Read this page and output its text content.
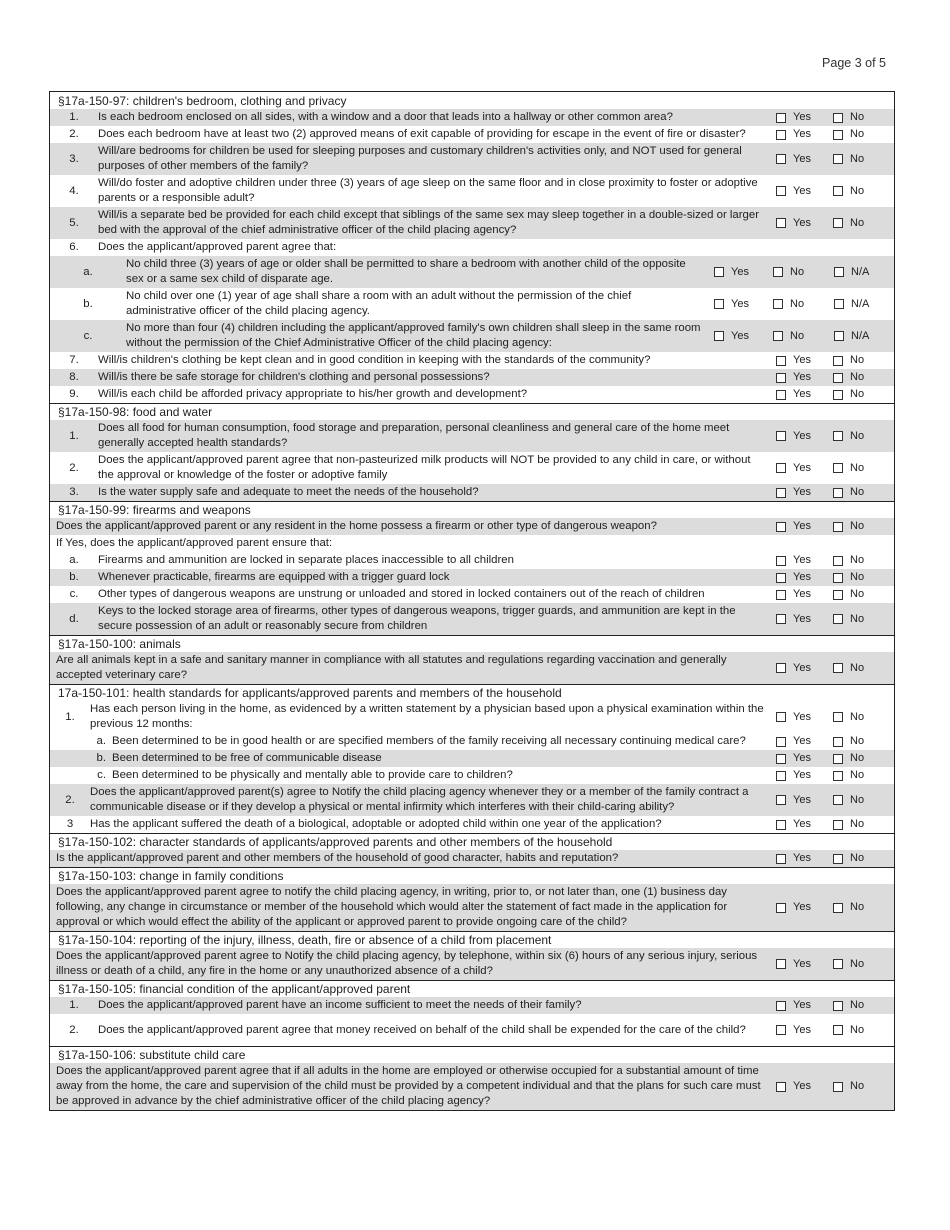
Page 3 of 5
§17a-150-97: children's bedroom, clothing and privacy
1.	Is each bedroom enclosed on all sides, with a window and a door that leads into a hallway or other common area?	Yes	No
2.	Does each bedroom have at least two (2) approved means of exit capable of providing for escape in the event of fire or disaster?	Yes	No
3.
Will/are bedrooms for children be used for sleeping purposes and customary children's activities only, and NOT used for general purposes of other members of the family?
Yes	No
4.
Will/do foster and adoptive children under three (3) years of age sleep on the same floor and in close proximity to foster or adoptive parents or a responsible adult?
Yes	No
5.
Will/is a separate bed be provided for each child except that siblings of the same sex may sleep together in a double-sized or larger bed with the approval of the chief administrative officer of the child placing agency?
Yes	No
6.	Does the applicant/approved parent agree that:
a.
No child three (3) years of age or older shall be permitted to share a bedroom with another child of the opposite sex or a same sex child of disparate age.
Yes	No	N/A
b.
No child over one (1) year of age shall share a room with an adult without the permission of the chief administrative officer of the child placing agency.
Yes	No	N/A
c.
No more than four (4) children including the applicant/approved family's own children shall sleep in the same room without the permission of the Chief Administrative Officer of the child placing agency:
Yes	No	N/A
7.	Will/is children's clothing be kept clean and in good condition in keeping with the standards of the community?	Yes	No
8.	Will/is there be safe storage for children's clothing and personal possessions?	Yes	No
9.	Will/is each child be afforded privacy appropriate to his/her growth and development?	Yes	No
§17a-150-98: food and water
1.
Does all food for human consumption, food storage and preparation, personal cleanliness and general care of the home meet generally accepted health standards?
Yes	No
2.
Does the applicant/approved parent agree that non-pasteurized milk products will NOT be provided to any child in care, or without the approval or knowledge of the foster or adoptive family
Yes	No
3.	Is the water supply safe and adequate to meet the needs of the household?	Yes	No
§17a-150-99: firearms and weapons
Does the applicant/approved parent or any resident in the home possess a firearm or other type of dangerous weapon?	Yes	No
If Yes, does the applicant/approved parent ensure that:
a.	Firearms and ammunition are locked in separate places inaccessible to all children	Yes	No
b.	Whenever practicable, firearms are equipped with a trigger guard lock	Yes	No
c.	Other types of dangerous weapons are unstrung or unloaded and stored in locked containers out of the reach of children	Yes	No
d.
Keys to the locked storage area of firearms, other types of dangerous weapons, trigger guards, and ammunition are kept in the secure possession of an adult or reasonably secure from children
Yes	No
§17a-150-100: animals
Are all animals kept in a safe and sanitary manner in compliance with all statutes and regulations regarding vaccination and generally accepted veterinary care?
Yes	No
17a-150-101: health standards for applicants/approved parents and members of the household
1.
Has each person living in the home, as evidenced by a written statement by a physician based upon a physical examination within the previous 12 months:
Yes	No
a. Been determined to be in good health or are specified members of the family receiving all necessary continuing medical care?	Yes	No
b. Been determined to be free of communicable disease	Yes	No
c. Been determined to be physically and mentally able to provide care to children?	Yes	No
2.
Does the applicant/approved parent(s) agree to Notify the child placing agency whenever they or a member of the family contract a communicable disease or if they develop a physical or mental infirmity which interferes with their child-caring ability?
Yes	No
3	Has the applicant suffered the death of a biological, adoptable or adopted child within one year of the application?	Yes	No
§17a-150-102: character standards of applicants/approved parents and other members of the household
Is the applicant/approved parent and other members of the household of good character, habits and reputation?	Yes	No
§17a-150-103: change in family conditions
Does the applicant/approved parent agree to notify the child placing agency, in writing, prior to, or not later than, one (1) business day following, any change in circumstance or member of the household which would alter the statement of fact made in the application for approval or which would effect the ability of the applicant or approved parent to provide ongoing care of the child?
Yes	No
§17a-150-104: reporting of the injury, illness, death, fire or absence of a child from placement
Does the applicant/approved parent agree to Notify the child placing agency, by telephone, within six (6) hours of any serious injury, serious illness or death of a child, any fire in the home or any unauthorized absence of a child?
Yes	No
§17a-150-105: financial condition of the applicant/approved parent
1.	Does the applicant/approved parent have an income sufficient to meet the needs of their family?	Yes	No
2.	Does the applicant/approved parent agree that money received on behalf of the child shall be expended for the care of the child?	Yes	No
§17a-150-106: substitute child care
Does the applicant/approved parent agree that if all adults in the home are employed or otherwise occupied for a substantial amount of time away from the home, the care and supervision of the child must be provided by a competent individual and that the plans for such care must be approved in advance by the chief administrative officer of the child placing agency?
Yes	No
